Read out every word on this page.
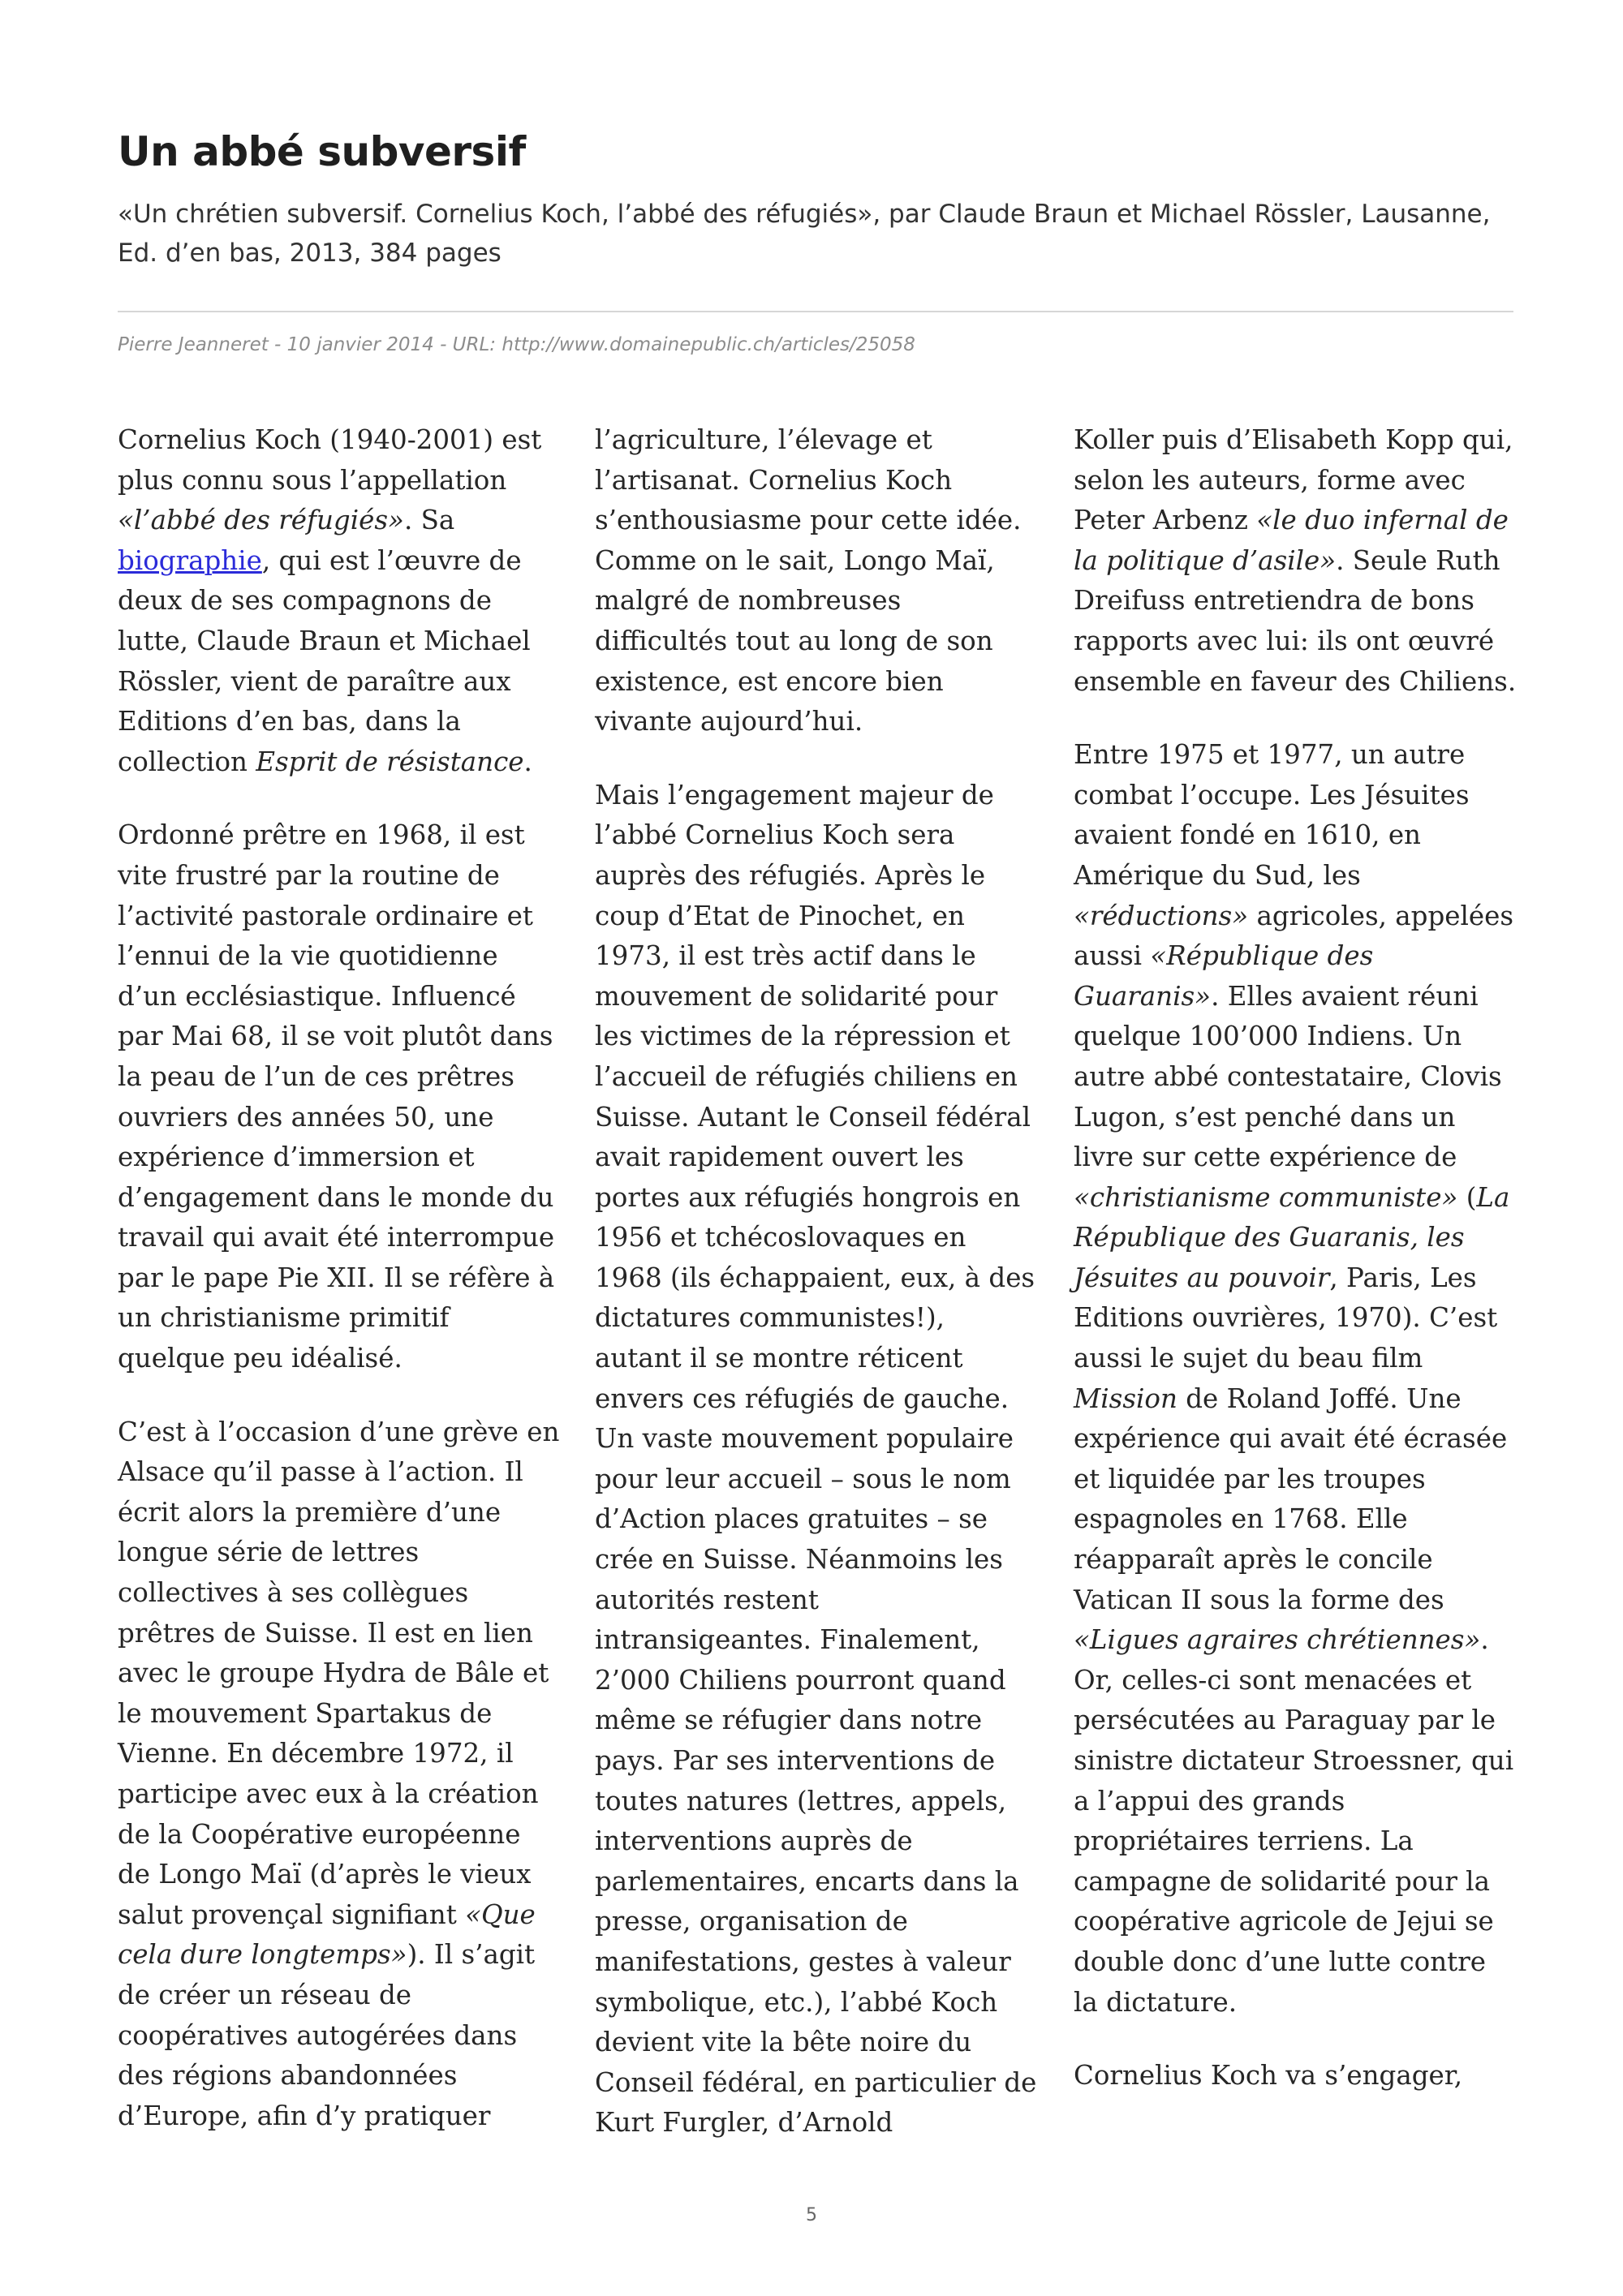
Un abbé subversif

«Un chrétien subversif. Cornelius Koch, l’abbé des réfugiés», par Claude Braun et Michael Rössler, Lausanne, Ed. d’en bas, 2013, 384 pages

Pierre Jeanneret - 10 janvier 2014 - URL: http://www.domainepublic.ch/articles/25058

Cornelius Koch (1940-2001) est plus connu sous l’appellation «l’abbé des réfugiés». Sa biographie, qui est l’œuvre de deux de ses compagnons de lutte, Claude Braun et Michael Rössler, vient de paraître aux Editions d’en bas, dans la collection Esprit de résistance.

Ordonné prêtre en 1968, il est vite frustré par la routine de l’activité pastorale ordinaire et l’ennui de la vie quotidienne d’un ecclésiastique. Influencé par Mai 68, il se voit plutôt dans la peau de l’un de ces prêtres ouvriers des années 50, une expérience d’immersion et d’engagement dans le monde du travail qui avait été interrompue par le pape Pie XII. Il se réfère à un christianisme primitif quelque peu idéalisé.

C’est à l’occasion d’une grève en Alsace qu’il passe à l’action. Il écrit alors la première d’une longue série de lettres collectives à ses collègues prêtres de Suisse. Il est en lien avec le groupe Hydra de Bâle et le mouvement Spartakus de Vienne. En décembre 1972, il participe avec eux à la création de la Coopérative européenne de Longo Maï (d’après le vieux salut provençal signifiant «Que cela dure longtemps»). Il s’agit de créer un réseau de coopératives autogérées dans des régions abandonnées d’Europe, afin d’y pratiquer

l’agriculture, l’élevage et l’artisanat. Cornelius Koch s’enthousiasme pour cette idée. Comme on le sait, Longo Maï, malgré de nombreuses difficultés tout au long de son existence, est encore bien vivante aujourd’hui.

Mais l’engagement majeur de l’abbé Cornelius Koch sera auprès des réfugiés. Après le coup d’Etat de Pinochet, en 1973, il est très actif dans le mouvement de solidarité pour les victimes de la répression et l’accueil de réfugiés chiliens en Suisse. Autant le Conseil fédéral avait rapidement ouvert les portes aux réfugiés hongrois en 1956 et tchécoslovaques en 1968 (ils échappaient, eux, à des dictatures communistes!), autant il se montre réticent envers ces réfugiés de gauche. Un vaste mouvement populaire pour leur accueil – sous le nom d’Action places gratuites – se crée en Suisse. Néanmoins les autorités restent intransigeantes. Finalement, 2’000 Chiliens pourront quand même se réfugier dans notre pays. Par ses interventions de toutes natures (lettres, appels, interventions auprès de parlementaires, encarts dans la presse, organisation de manifestations, gestes à valeur symbolique, etc.), l’abbé Koch devient vite la bête noire du Conseil fédéral, en particulier de Kurt Furgler, d’Arnold

Koller puis d’Elisabeth Kopp qui, selon les auteurs, forme avec Peter Arbenz «le duo infernal de la politique d’asile». Seule Ruth Dreifuss entretiendra de bons rapports avec lui: ils ont œuvré ensemble en faveur des Chiliens.

Entre 1975 et 1977, un autre combat l’occupe. Les Jésuites avaient fondé en 1610, en Amérique du Sud, les «réductions» agricoles, appelées aussi «République des Guaranis». Elles avaient réuni quelque 100’000 Indiens. Un autre abbé contestataire, Clovis Lugon, s’est penché dans un livre sur cette expérience de «christianisme communiste» (La République des Guaranis, les Jésuites au pouvoir, Paris, Les Editions ouvrières, 1970). C’est aussi le sujet du beau film Mission de Roland Joffé. Une expérience qui avait été écrasée et liquidée par les troupes espagnoles en 1768. Elle réapparaît après le concile Vatican II sous la forme des «Ligues agraires chrétiennes». Or, celles-ci sont menacées et persécutées au Paraguay par le sinistre dictateur Stroessner, qui a l’appui des grands propriétaires terriens. La campagne de solidarité pour la coopérative agricole de Jejui se double donc d’une lutte contre la dictature.

Cornelius Koch va s’engager,

5
